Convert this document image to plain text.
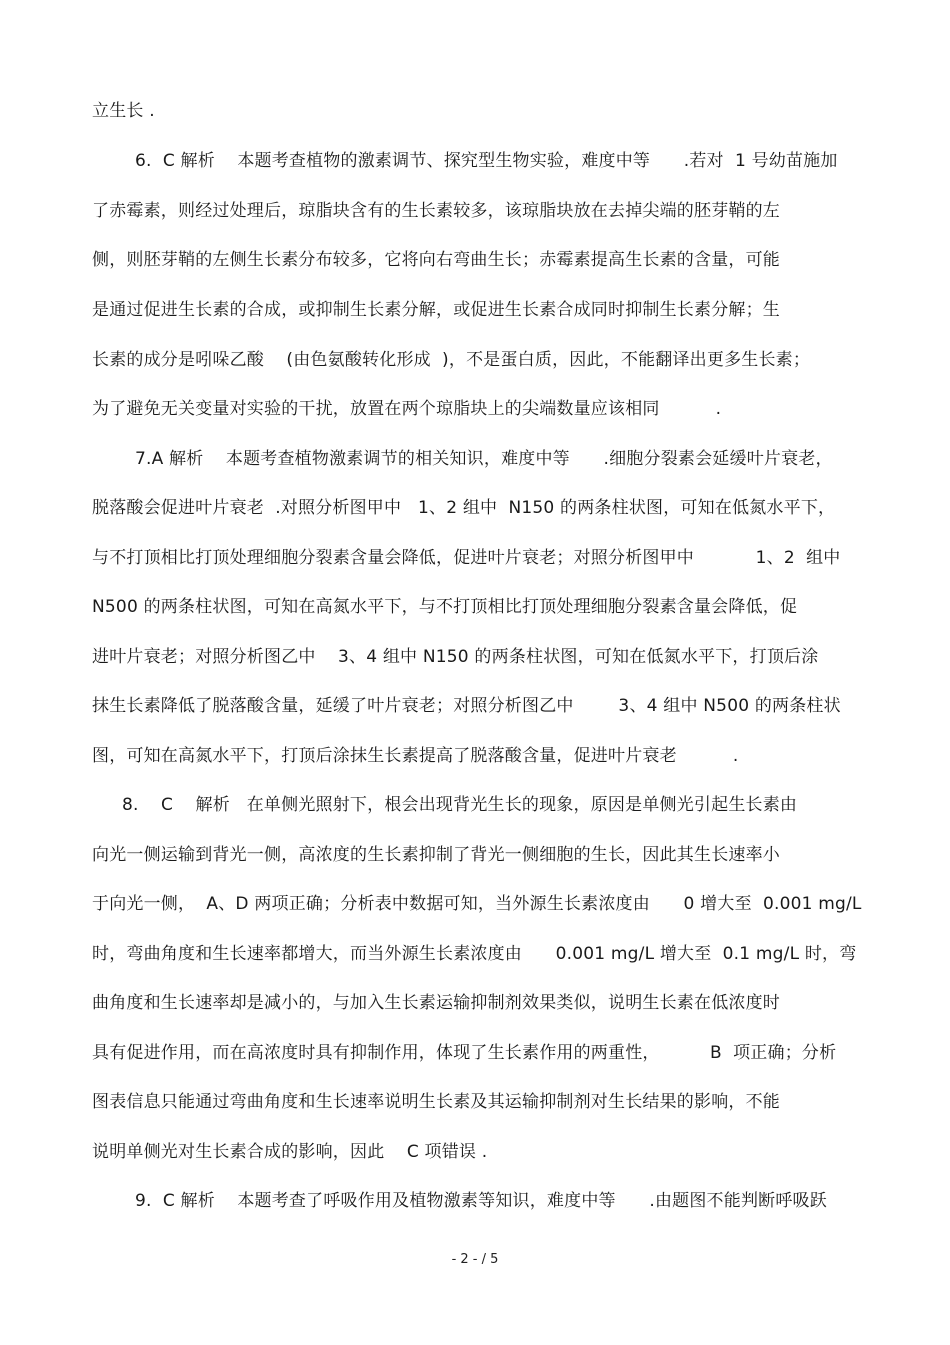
立生长 .
6.  C 解析    本题考查植物的激素调节、探究型生物实验，难度中等      .若对  1 号幼苗施加
了赤霉素，则经过处理后，琼脂块含有的生长素较多，该琼脂块放在去掉尖端的胚芽鞘的左
侧，则胚芽鞘的左侧生长素分布较多，它将向右弯曲生长；赤霉素提高生长素的含量，可能
是通过促进生长素的合成，或抑制生长素分解，或促进生长素合成同时抑制生长素分解；生
长素的成分是吲哚乙酸    (由色氨酸转化形成  )，不是蛋白质，因此，不能翻译出更多生长素；
为了避免无关变量对实验的干扰，放置在两个琼脂块上的尖端数量应该相同          .
7.A 解析    本题考查植物激素调节的相关知识，难度中等      .细胞分裂素会延缓叶片衰老，
脱落酸会促进叶片衰老  .对照分析图甲中   1、2 组中  N150 的两条柱状图，可知在低氮水平下，
与不打顶相比打顶处理细胞分裂素含量会降低，促进叶片衰老；对照分析图甲中           1、2  组中
N500 的两条柱状图，可知在高氮水平下，与不打顶相比打顶处理细胞分裂素含量会降低，促
进叶片衰老；对照分析图乙中    3、4 组中 N150 的两条柱状图，可知在低氮水平下，打顶后涂
抹生长素降低了脱落酸含量，延缓了叶片衰老；对照分析图乙中        3、4 组中 N500 的两条柱状
图，可知在高氮水平下，打顶后涂抹生长素提高了脱落酸含量，促进叶片衰老          .
8.    C    解析   在单侧光照射下，根会出现背光生长的现象，原因是单侧光引起生长素由
向光一侧运输到背光一侧，高浓度的生长素抑制了背光一侧细胞的生长，因此其生长速率小
于向光一侧，  A、D 两项正确；分析表中数据可知，当外源生长素浓度由      0 增大至  0.001 mg/L
时，弯曲角度和生长速率都增大，而当外源生长素浓度由      0.001 mg/L 增大至  0.1 mg/L 时，弯
曲角度和生长速率却是减小的，与加入生长素运输抑制剂效果类似，说明生长素在低浓度时
具有促进作用，而在高浓度时具有抑制作用，体现了生长素作用的两重性，         B  项正确；分析
图表信息只能通过弯曲角度和生长速率说明生长素及其运输抑制剂对生长结果的影响，不能
说明单侧光对生长素合成的影响，因此    C 项错误 .
9.  C 解析    本题考查了呼吸作用及植物激素等知识，难度中等      .由题图不能判断呼吸跃
- 2 - / 5
